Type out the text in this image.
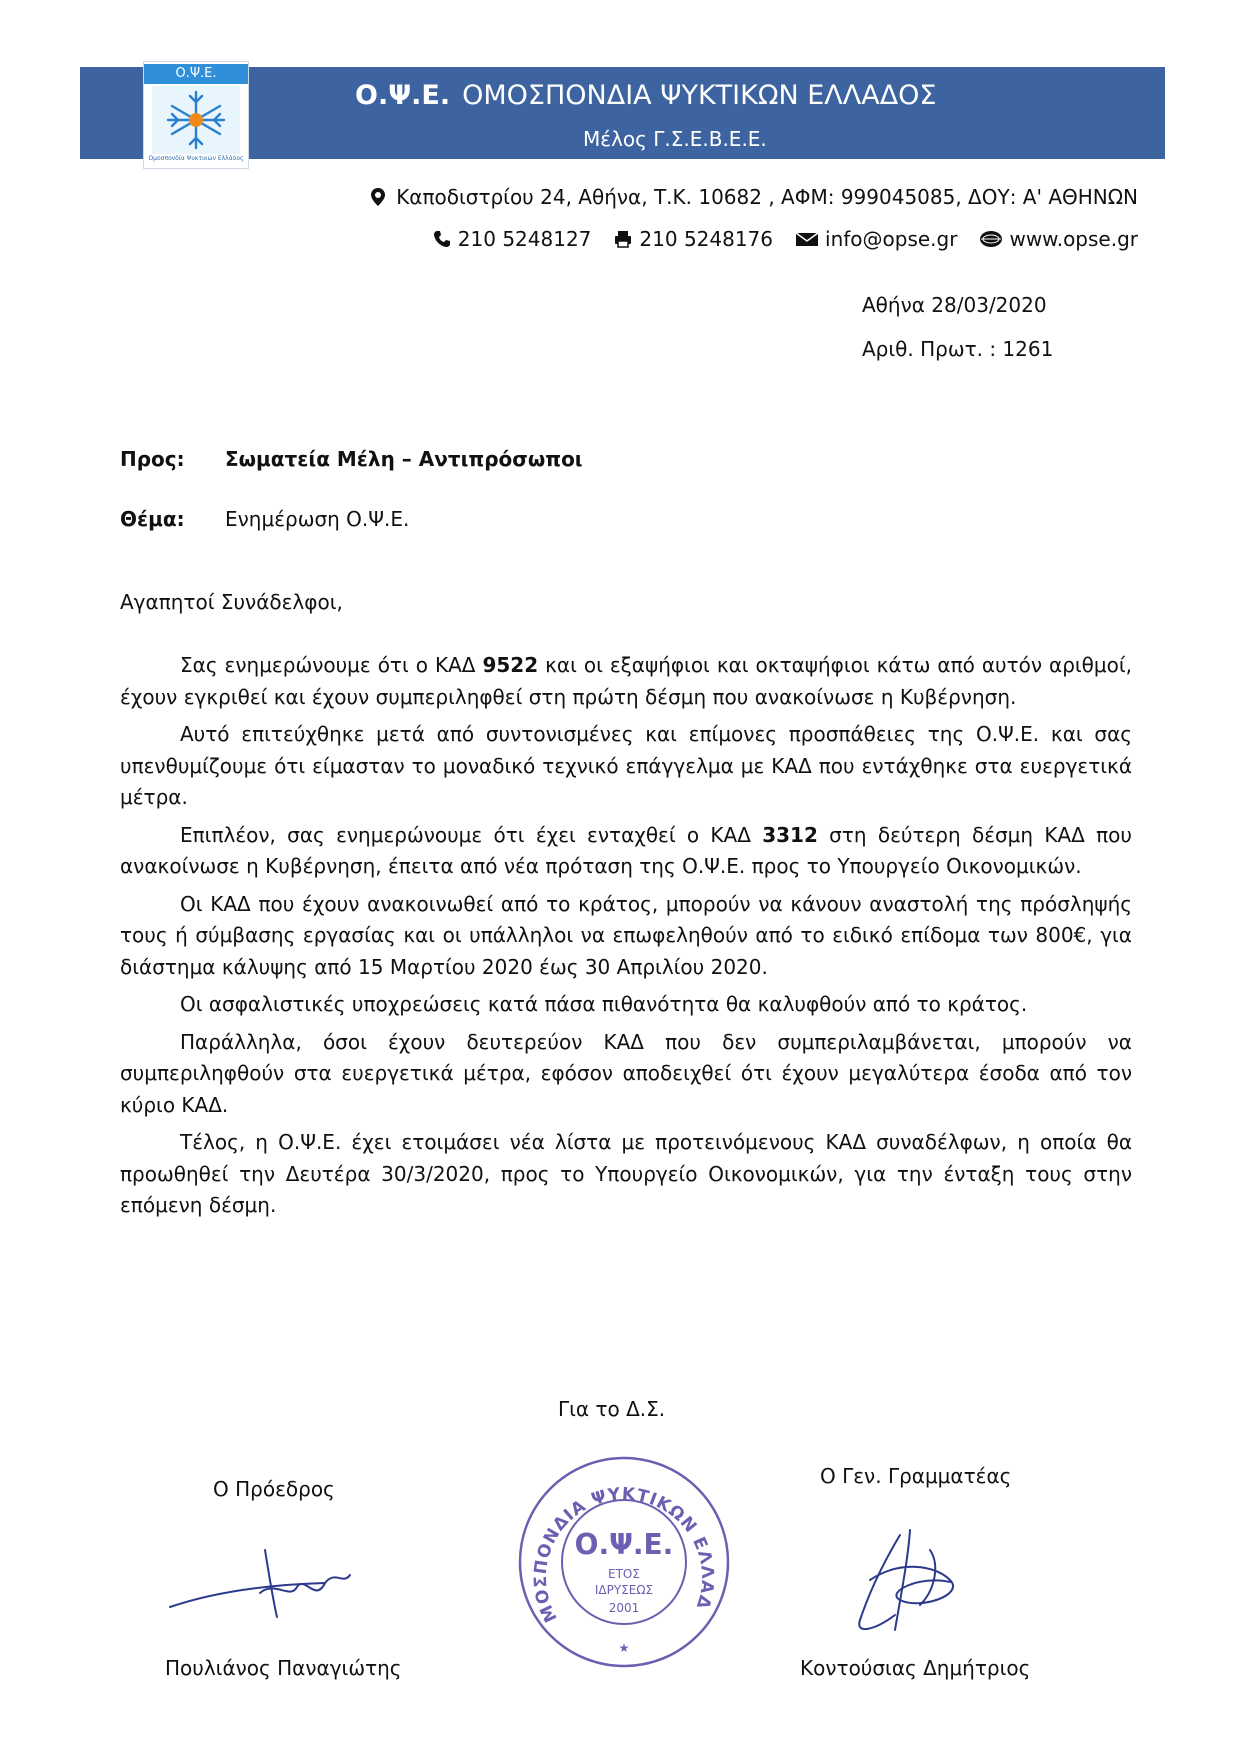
Ο.Ψ.Ε.
Ομοσπονδία Ψυκτικών Ελλάδος
Ο.Ψ.Ε. ΟΜΟΣΠΟΝΔΙΑ ΨΥΚΤΙΚΩΝ ΕΛΛΑΔΟΣ
Μέλος Γ.Σ.Ε.Β.Ε.Ε.
Καποδιστρίου 24, Αθήνα, Τ.Κ. 10682 , ΑΦΜ: 999045085, ΔΟΥ: Α' ΑΘΗΝΩΝ
210 5248127 210 5248176	info@opse.gr	www.opse.gr
Αθήνα 28/03/2020
Αριθ. Πρωτ. : 1261
Προς: Σωματεία Μέλη – Αντιπρόσωποι
Θέμα: Ενημέρωση Ο.Ψ.Ε.
Αγαπητοί Συνάδελφοι,

Σας ενημερώνουμε ότι ο ΚΑΔ 9522 και οι εξαψήφιοι και οκταψήφιοι κάτω από αυτόν αριθμοί, έχουν εγκριθεί και έχουν συμπεριληφθεί στη πρώτη δέσμη που ανακοίνωσε η Κυβέρνηση.

Αυτό επιτεύχθηκε μετά από συντονισμένες και επίμονες προσπάθειες της Ο.Ψ.Ε. και σας υπενθυμίζουμε ότι είμασταν το μοναδικό τεχνικό επάγγελμα με ΚΑΔ που εντάχθηκε στα ευεργετικά μέτρα.

Επιπλέον, σας ενημερώνουμε ότι έχει ενταχθεί ο ΚΑΔ 3312 στη δεύτερη δέσμη ΚΑΔ που ανακοίνωσε η Κυβέρνηση, έπειτα από νέα πρόταση της Ο.Ψ.Ε. προς το Υπουργείο Οικονομικών.

Οι ΚΑΔ που έχουν ανακοινωθεί από το κράτος, μπορούν να κάνουν αναστολή της πρόσληψής τους ή σύμβασης εργασίας και οι υπάλληλοι να επωφεληθούν από το ειδικό επίδομα των 800€, για διάστημα κάλυψης από 15 Μαρτίου 2020 έως 30 Απριλίου 2020.

Οι ασφαλιστικές υποχρεώσεις κατά πάσα πιθανότητα θα καλυφθούν από το κράτος.

Παράλληλα, όσοι έχουν δευτερεύον ΚΑΔ που δεν συμπεριλαμβάνεται, μπορούν να συμπεριληφθούν στα ευεργετικά μέτρα, εφόσον αποδειχθεί ότι έχουν μεγαλύτερα έσοδα από τον κύριο ΚΑΔ.

Τέλος, η Ο.Ψ.Ε. έχει ετοιμάσει νέα λίστα με προτεινόμενους ΚΑΔ συναδέλφων, η οποία θα προωθηθεί την Δευτέρα 30/3/2020, προς το Υπουργείο Οικονομικών, για την ένταξη τους στην επόμενη δέσμη.

Για το Δ.Σ.
Ο Πρόεδρος
Ο Γεν. Γραμματέας
ΜΟΣΠΟΝΔΙΑ ΨΥΚΤΙΚΩΝ ΕΛΛΑΔ
Ο.Ψ.Ε.
ΕΤΟΣ
ΙΔΡΥΣΕΩΣ
2001
★
Πουλιάνος Παναγιώτης	Κοντούσιας Δημήτριος
